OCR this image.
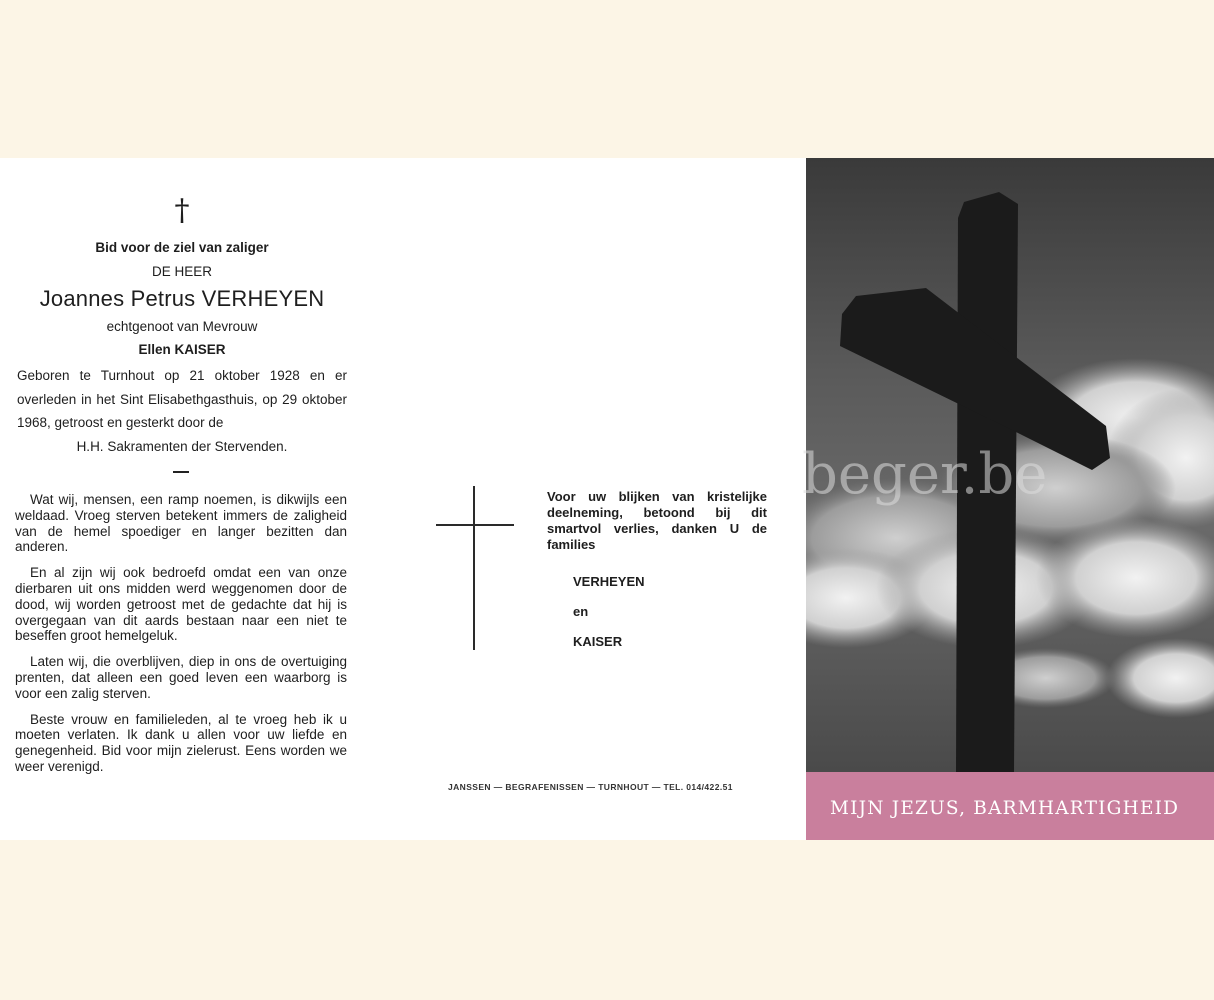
†
Bid voor de ziel van zaliger
DE HEER
Joannes Petrus VERHEYEN
echtgenoot van Mevrouw
Ellen KAISER

Geboren te Turnhout op 21 oktober 1928 en er overleden in het Sint Elisabethgasthuis, op 29 oktober 1968, getroost en gesterkt door de

H.H. Sakramenten der Stervenden.

Wat wij, mensen, een ramp noemen, is dikwijls een weldaad. Vroeg sterven betekent immers de zaligheid van de hemel spoediger en langer bezitten dan anderen.

En al zijn wij ook bedroefd omdat een van onze dierbaren uit ons midden werd weggenomen door de dood, wij worden getroost met de gedachte dat hij is overgegaan van dit aards bestaan naar een niet te beseffen groot hemelgeluk.

Laten wij, die overblijven, diep in ons de overtuiging prenten, dat alleen een goed leven een waarborg is voor een zalig sterven.

Beste vrouw en familieleden, al te vroeg heb ik u moeten verlaten. Ik dank u allen voor uw liefde en genegenheid. Bid voor mijn zielerust. Eens worden we weer verenigd.

Voor uw blijken van kristelijke deelneming, betoond bij dit smartvol verlies, danken U de families
VERHEYEN
en
KAISER
JANSSEN — BEGRAFENISSEN — TURNHOUT — TEL. 014/422.51
MIJN JEZUS, BARMHARTIGHEID
beger.be
